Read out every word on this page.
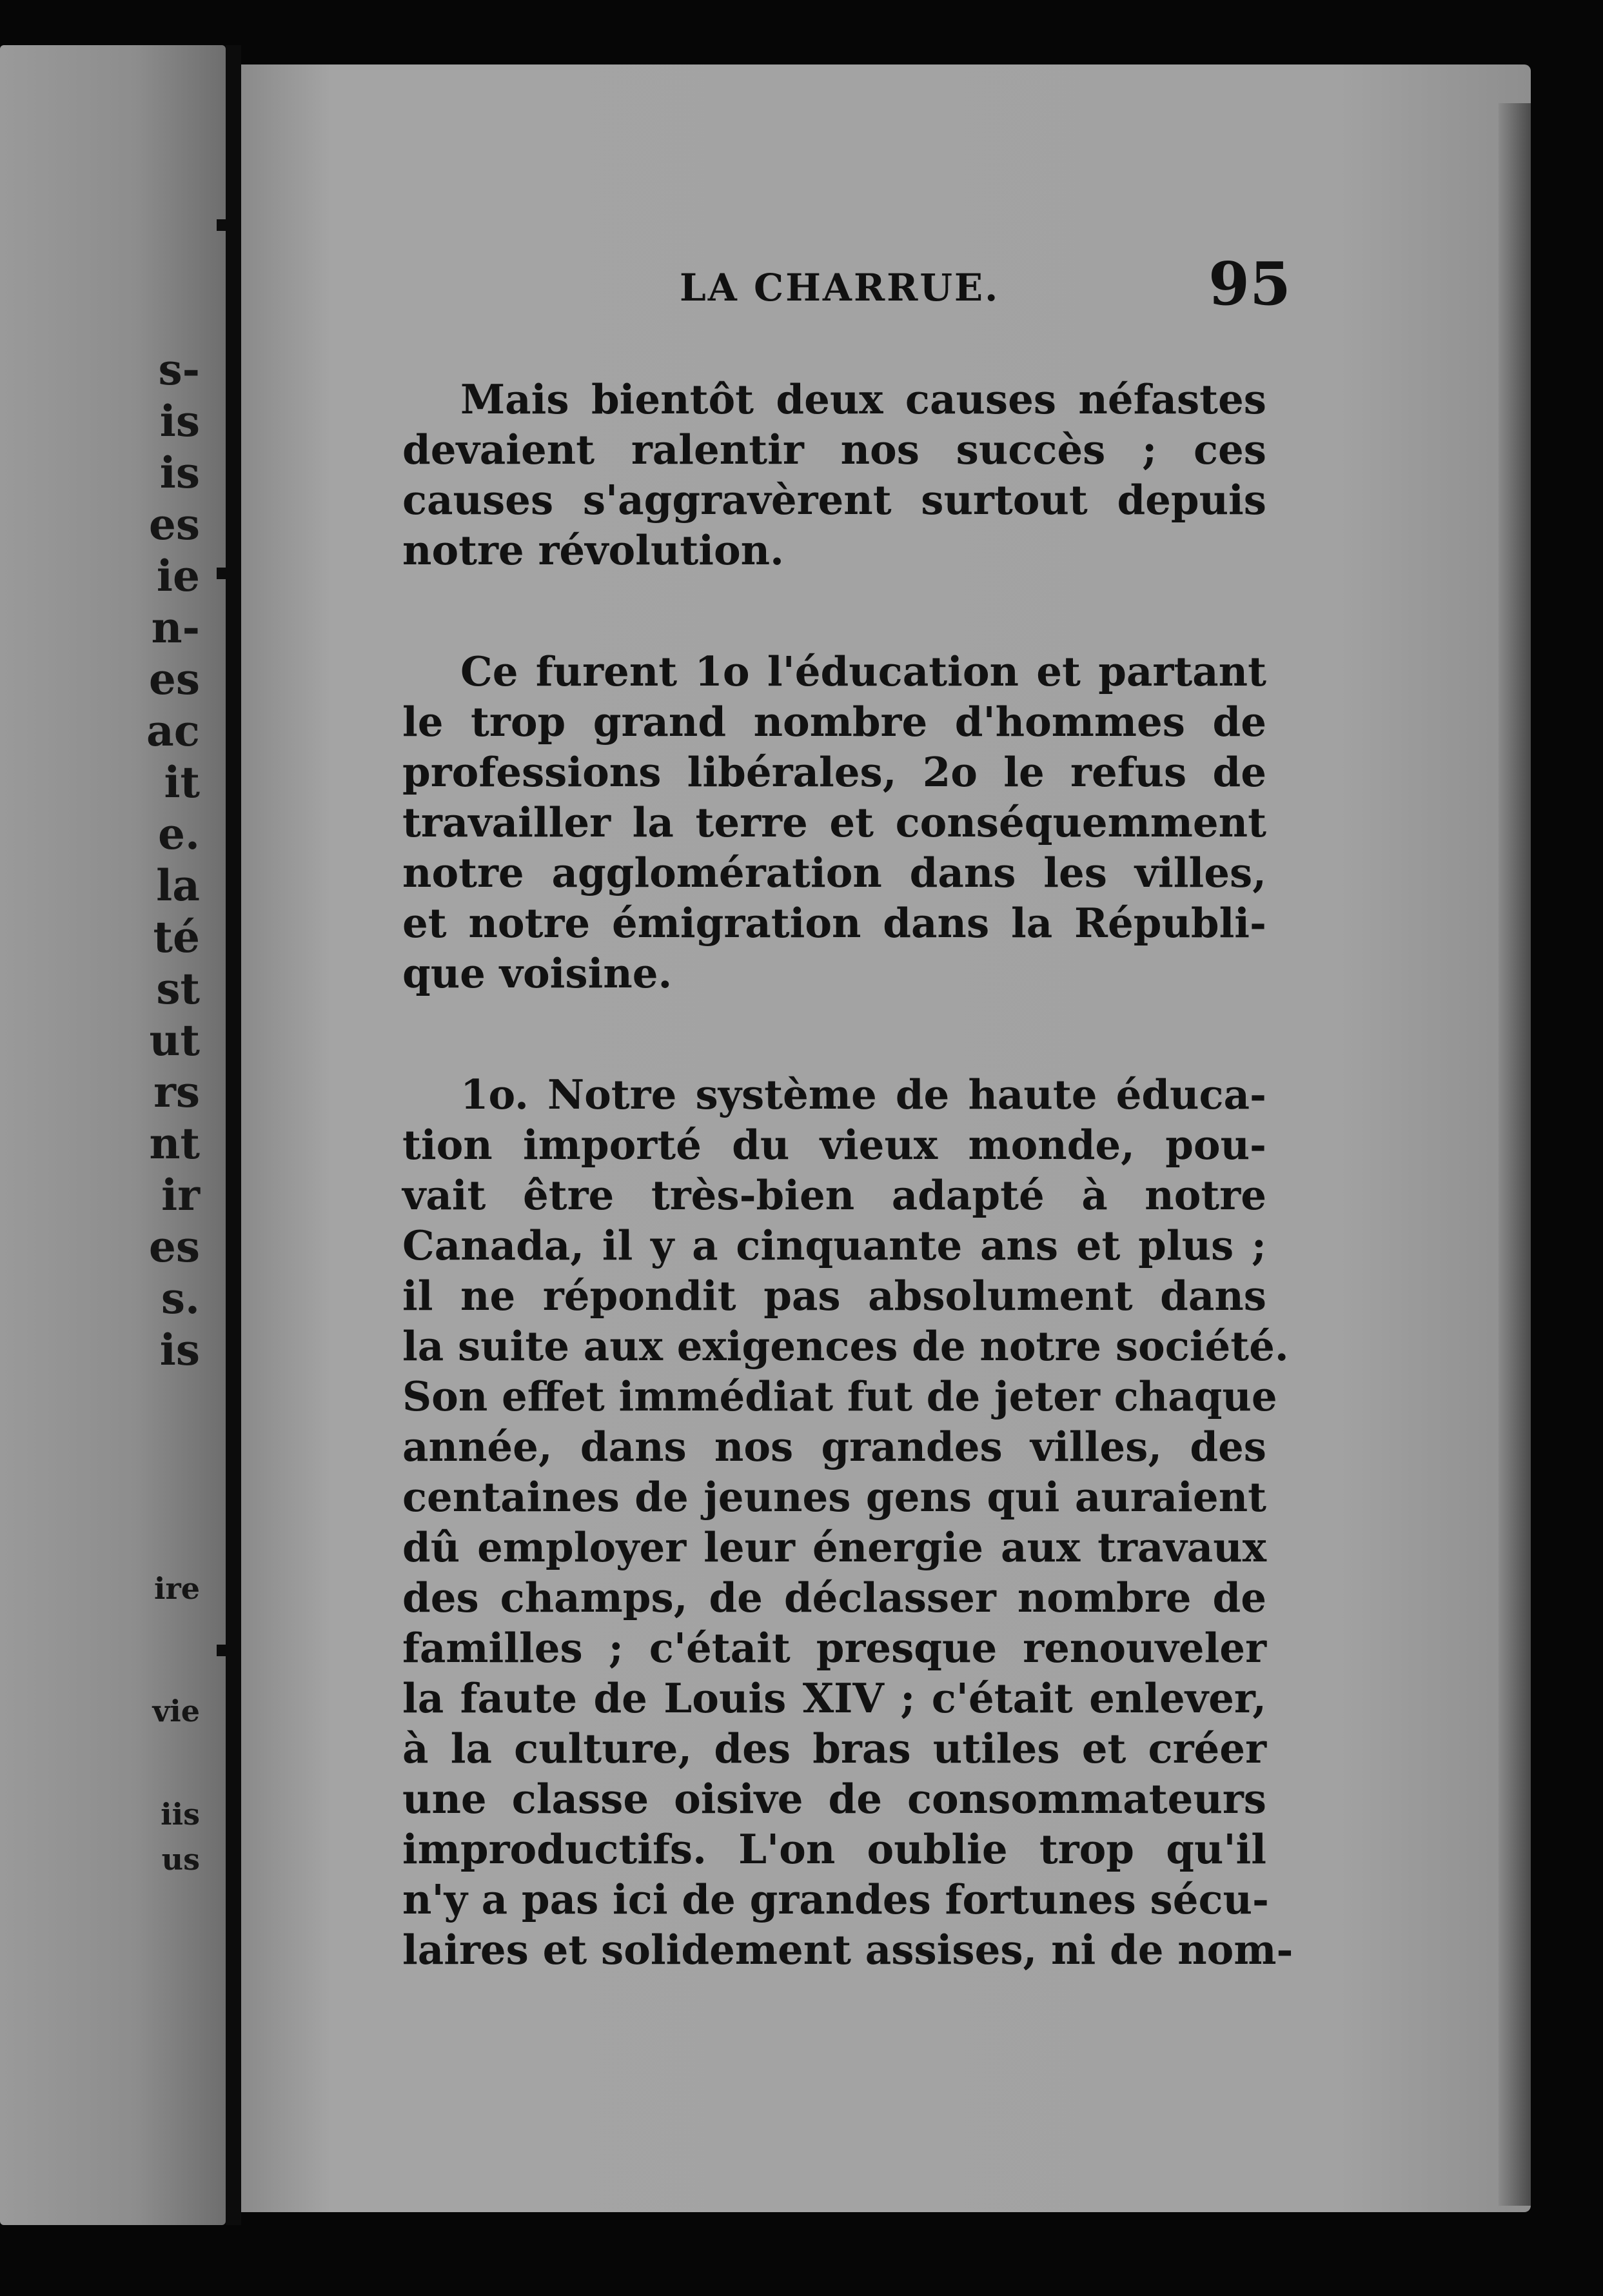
s-
is
is
es
ie
n-
es
ac
it
e.
la
té
st
ut
rs
nt
ir
es
s.
is
ire
vie
iis
us
LA CHARRUE.	95
Mais bientôt deux causes néfastes
devaient ralentir nos succès ; ces
causes s'aggravèrent surtout depuis
notre révolution.
Ce furent 1o l'éducation et partant
le trop grand nombre d'hommes de
professions libérales, 2o le refus de
travailler la terre et conséquemment
notre agglomération dans les villes,
et notre émigration dans la Républi-
que voisine.
1o. Notre système de haute éduca-
tion importé du vieux monde, pou-
vait être très-bien adapté à notre
Canada, il y a cinquante ans et plus ;
il ne répondit pas absolument dans
la suite aux exigences de notre société.
Son effet immédiat fut de jeter chaque
année, dans nos grandes villes, des
centaines de jeunes gens qui auraient
dû employer leur énergie aux travaux
des champs, de déclasser nombre de
familles ; c'était presque renouveler
la faute de Louis XIV ; c'était enlever,
à la culture, des bras utiles et créer
une classe oisive de consommateurs
improductifs. L'on oublie trop qu'il
n'y a pas ici de grandes fortunes sécu-
laires et solidement assises, ni de nom-
